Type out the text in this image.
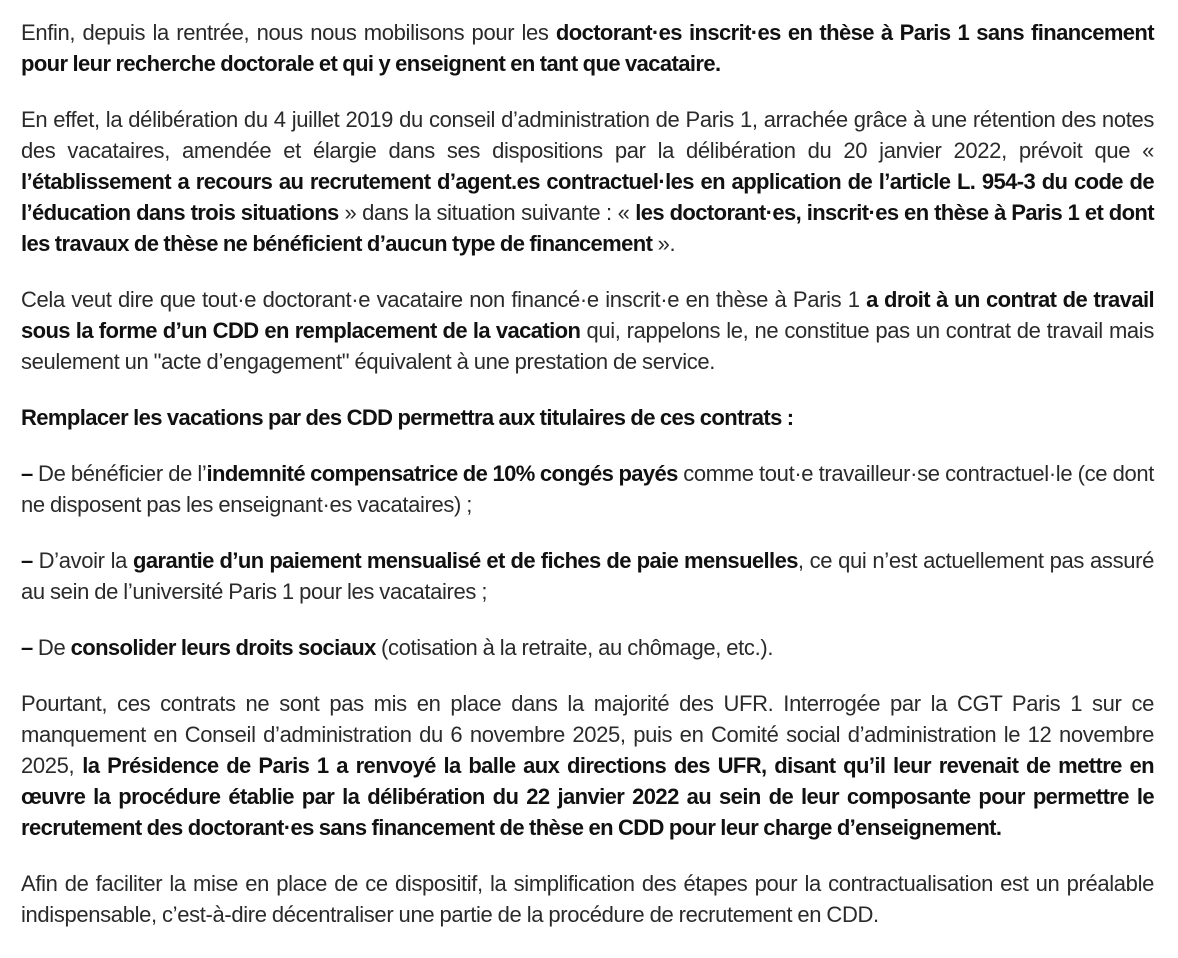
Enfin, depuis la rentrée, nous nous mobilisons pour les doctorant·es inscrit·es en thèse à Paris 1 sans financement pour leur recherche doctorale et qui y enseignent en tant que vacataire.

En effet, la délibération du 4 juillet 2019 du conseil d’administration de Paris 1, arrachée grâce à une rétention des notes des vacataires, amendée et élargie dans ses dispositions par la délibération du 20 janvier 2022, prévoit que « l’établissement a recours au recrutement d’agent.es contractuel·les en application de l’article L. 954-3 du code de l’éducation dans trois situations » dans la situation suivante : « les doctorant·es, inscrit·es en thèse à Paris 1 et dont les travaux de thèse ne bénéficient d’aucun type de financement ».

Cela veut dire que tout·e doctorant·e vacataire non financé·e inscrit·e en thèse à Paris 1 a droit à un contrat de travail sous la forme d’un CDD en remplacement de la vacation qui, rappelons le, ne constitue pas un contrat de travail mais seulement un "acte d’engagement" équivalent à une prestation de service.

Remplacer les vacations par des CDD permettra aux titulaires de ces contrats :

– De bénéficier de l’indemnité compensatrice de 10% congés payés comme tout·e travailleur·se contractuel·le (ce dont ne disposent pas les enseignant·es vacataires) ;

– D’avoir la garantie d’un paiement mensualisé et de fiches de paie mensuelles, ce qui n’est actuellement pas assuré au sein de l’université Paris 1 pour les vacataires ;

– De consolider leurs droits sociaux (cotisation à la retraite, au chômage, etc.).

Pourtant, ces contrats ne sont pas mis en place dans la majorité des UFR. Interrogée par la CGT Paris 1 sur ce manquement en Conseil d’administration du 6 novembre 2025, puis en Comité social d’administration le 12 novembre 2025, la Présidence de Paris 1 a renvoyé la balle aux directions des UFR, disant qu’il leur revenait de mettre en œuvre la procédure établie par la délibération du 22 janvier 2022 au sein de leur composante pour permettre le recrutement des doctorant·es sans financement de thèse en CDD pour leur charge d’enseignement.

Afin de faciliter la mise en place de ce dispositif, la simplification des étapes pour la contractualisation est un préalable indispensable, c’est-à-dire décentraliser une partie de la procédure de recrutement en CDD.
